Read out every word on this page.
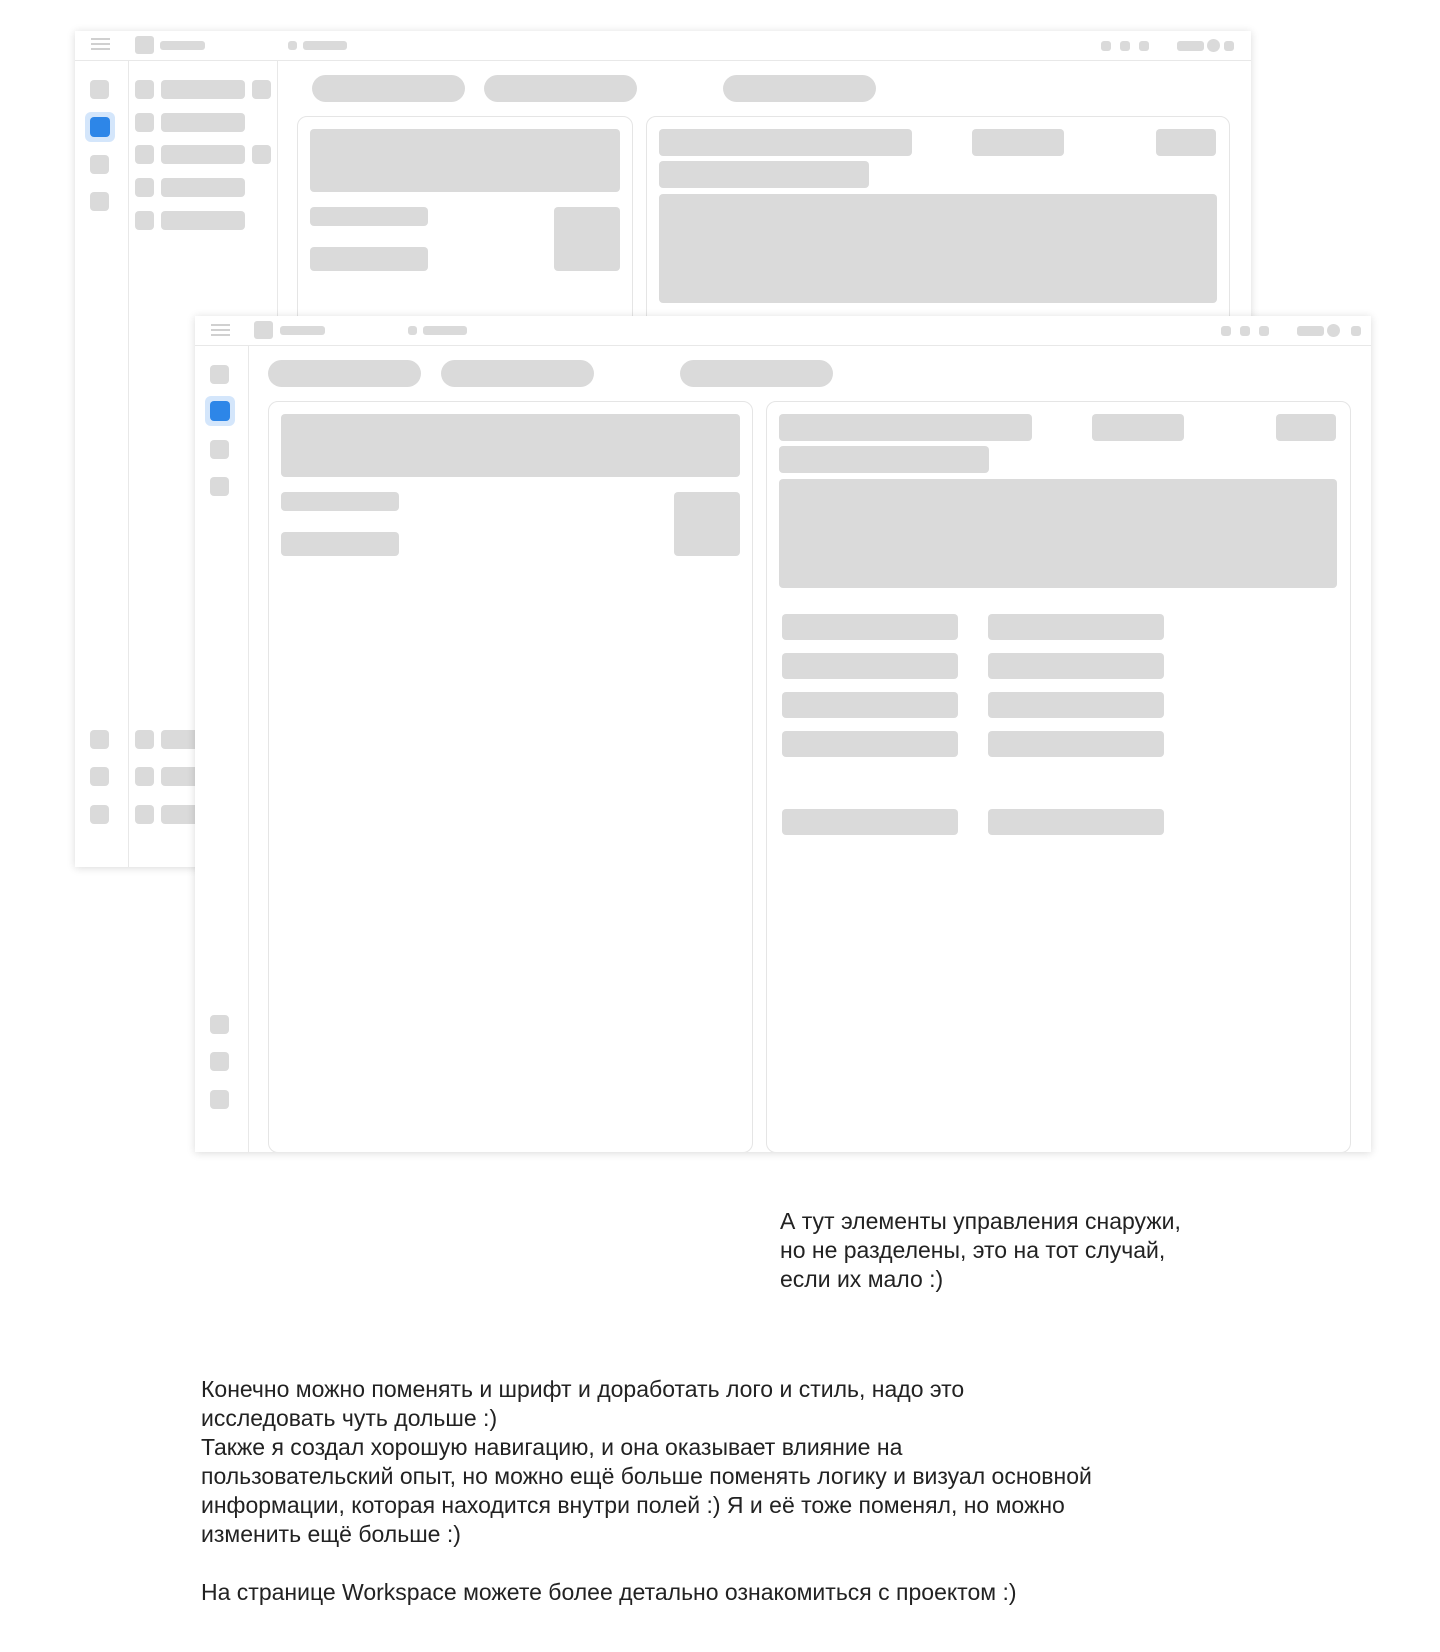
А тут элементы управления снаружи,
но не разделены, это на тот случай,
если их мало :)

Конечно можно поменять и шрифт и доработать лого и стиль, надо это

исследовать чуть дольше :)

Также я создал хорошую навигацию, и она оказывает влияние на

пользовательский опыт, но можно ещё больше поменять логику и визуал основной

информации, которая находится внутри полей :) Я и её тоже поменял, но можно

изменить ещё больше :)

На странице Workspace можете более детально ознакомиться с проектом :)
